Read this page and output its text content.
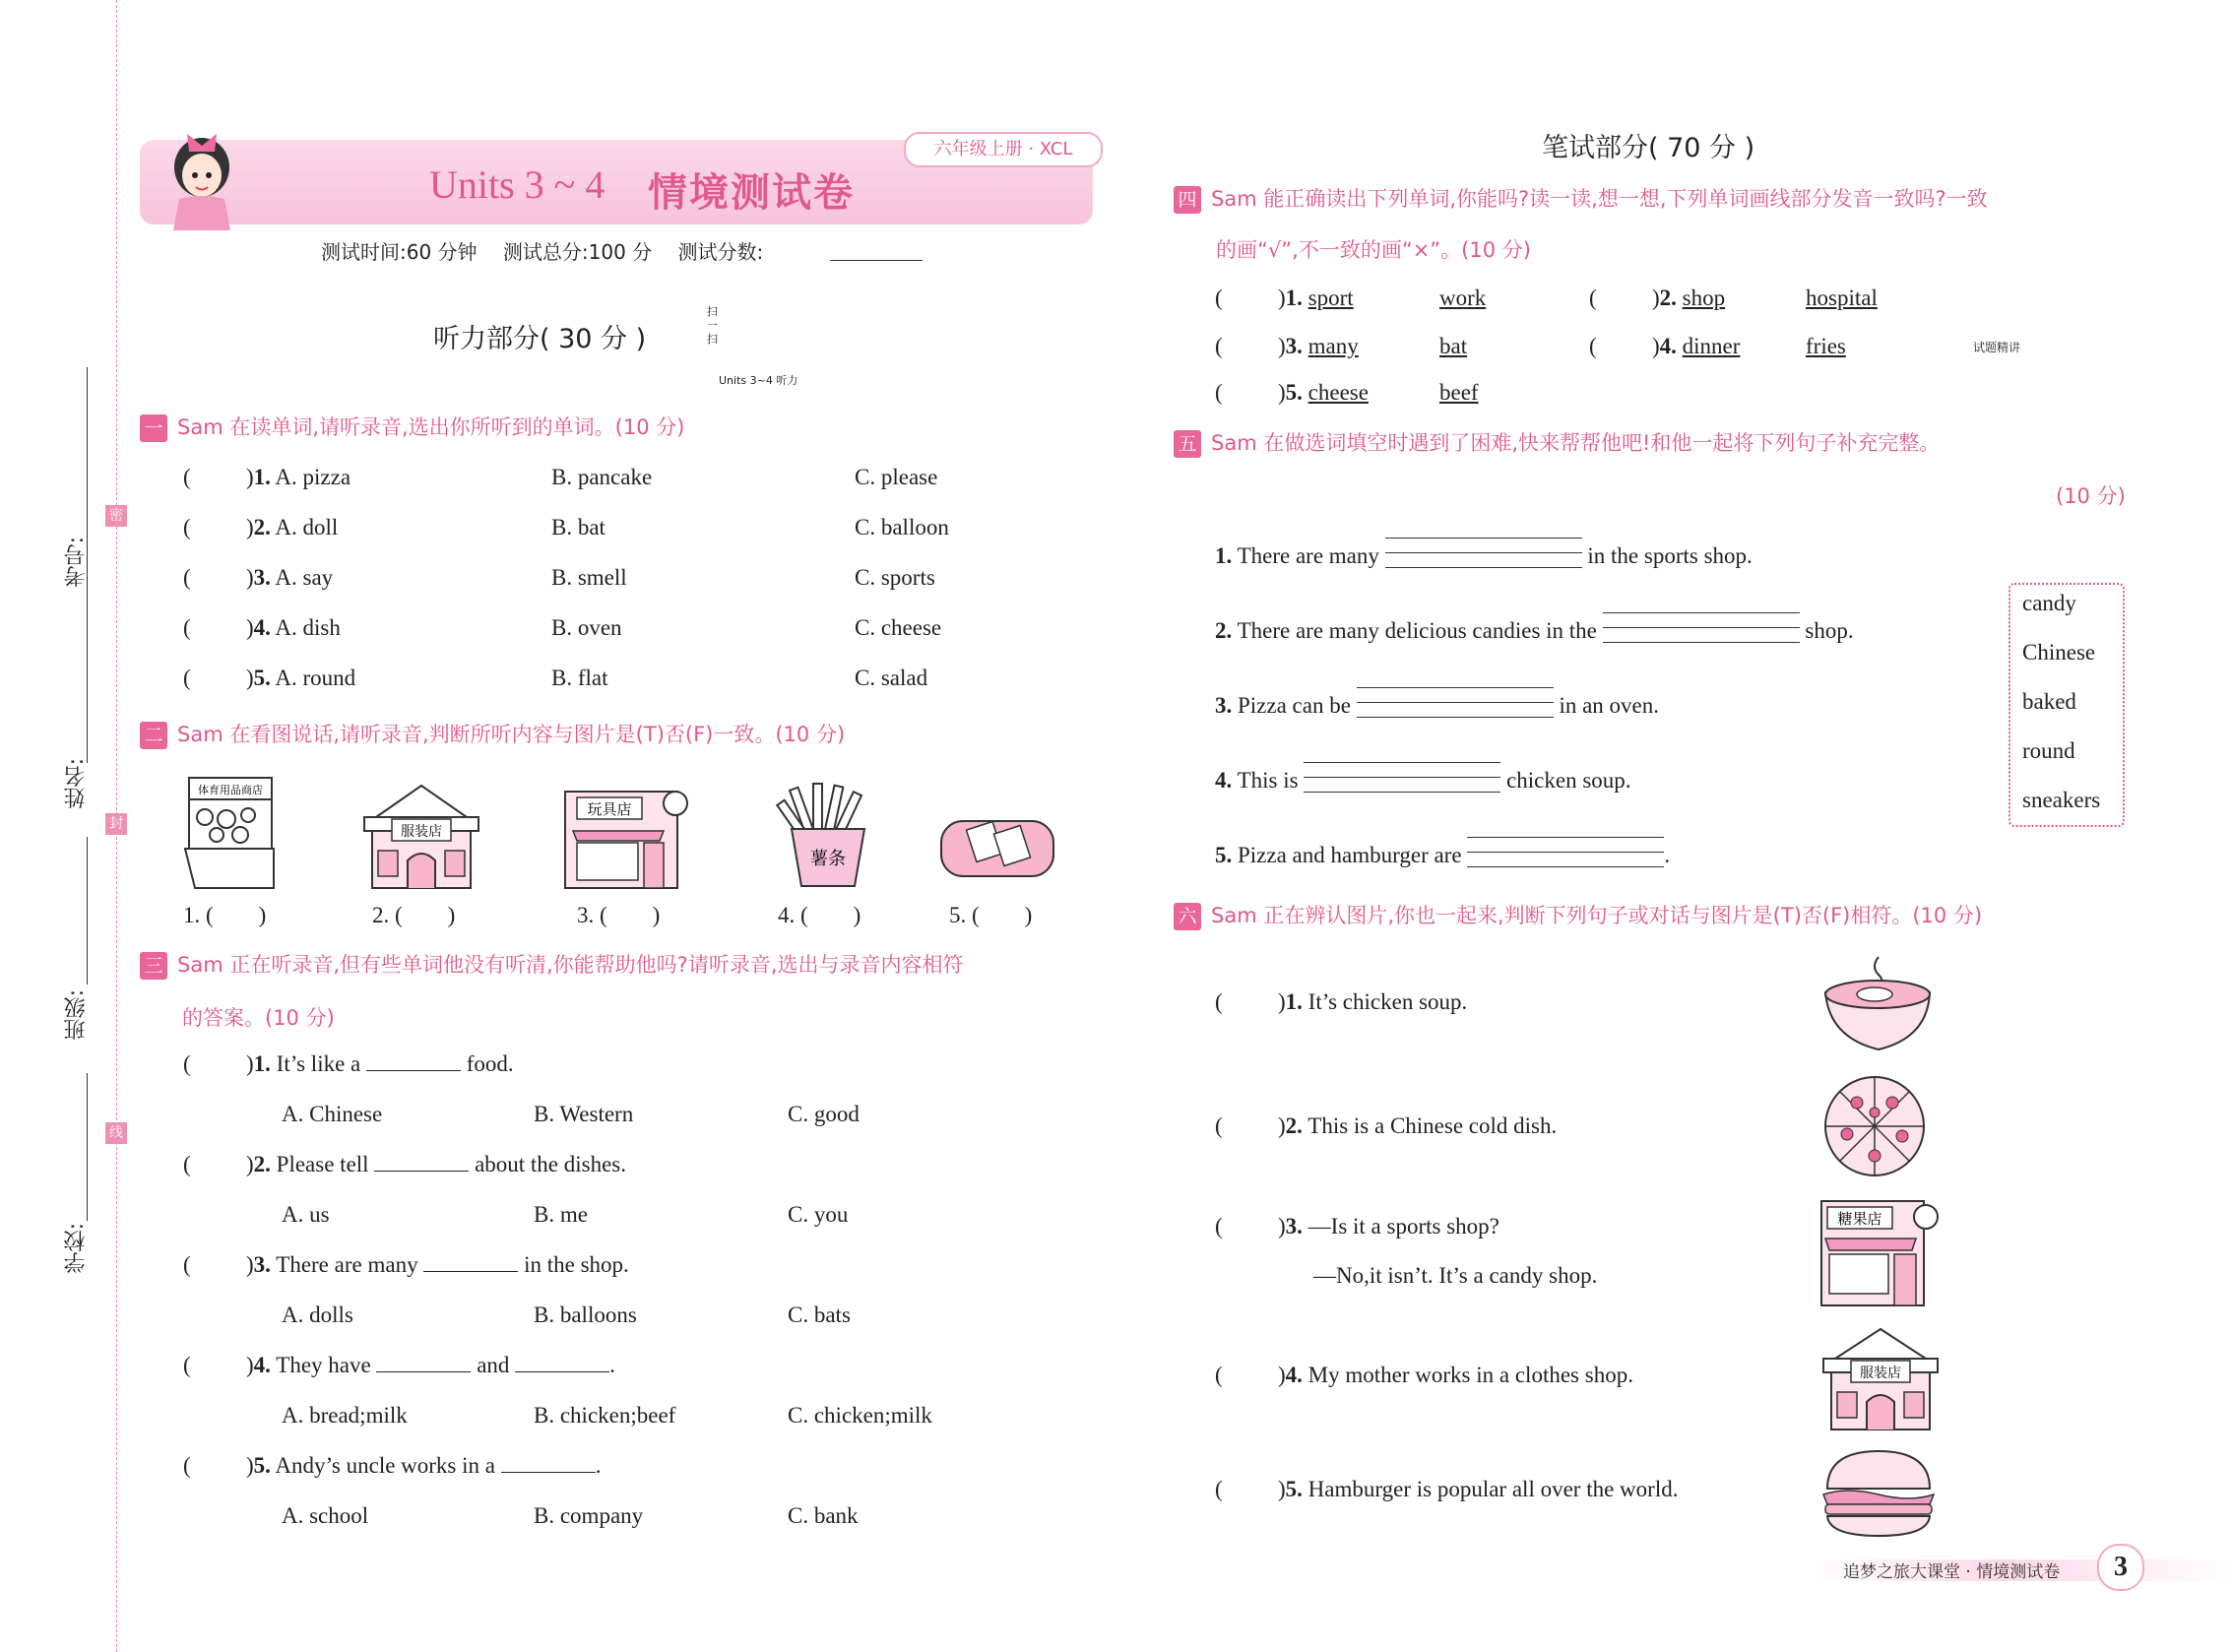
考号:
姓名:
班级:
学校:
密
封
线
Units 3 ~ 4 情境测试卷
六年级上册 · XCL
测试时间:60 分钟　 测试总分:100 分　 测试分数:
听力部分( 30 分 )
扫一扫
Units 3~4 听力
一 Sam 在读单词,请听录音,选出你所听到的单词。(10 分)
( )1. A. pizza	B. pancake	C. please
( )2. A. doll	B. bat	C. balloon
( )3. A. say	B. smell	C. sports
( )4. A. dish	B. oven	C. cheese
( )5. A. round	B. flat	C. salad
二 Sam 在看图说话,请听录音,判断所听内容与图片是(T)否(F)一致。(10 分)
体育用品商店
服装店
玩具店
薯条
1. (　　)	2. (　　)	3. (　　)	4. (　　)	5. (　　)
三 Sam 正在听录音,但有些单词他没有听清,你能帮助他吗?请听录音,选出与录音内容相符
的答案。(10 分)
( )1. It’s like a	food.
A. Chinese	B. Western	C. good
( )2. Please tell	about the dishes.
A. us	B. me	C. you
( )3. There are many	in the shop.
A. dolls	B. balloons	C. bats
( )4. They have	and	.
A. bread;milk	B. chicken;beef	C. chicken;milk
( )5. Andy’s uncle works in a	.
A. school	B. company	C. bank
笔试部分( 70 分 )
四 Sam 能正确读出下列单词,你能吗?读一读,想一想,下列单词画线部分发音一致吗?一致
的画“√”,不一致的画“×”。(10 分)
( )1. sport	work	( )2. shop	hospital
( )3. many	bat	( )4. dinner	fries
( )5. cheese	beef
试题精讲
五 Sam 在做选词填空时遇到了困难,快来帮帮他吧!和他一起将下列句子补充完整。
(10 分)
1. There are many	in the sports shop.
2. There are many delicious candies in the	shop.
3. Pizza can be	in an oven.
4. This is	chicken soup.
5. Pizza and hamburger are	.
candy
Chinese
baked
round
sneakers
六 Sam 正在辨认图片,你也一起来,判断下列句子或对话与图片是(T)否(F)相符。(10 分)
( )1. It’s chicken soup.
( )2. This is a Chinese cold dish.
( )3. —Is it a sports shop?
—No,it isn’t. It’s a candy shop.
( )4. My mother works in a clothes shop.
( )5. Hamburger is popular all over the world.
糖果店
服装店
追梦之旅大课堂 · 情境测试卷	3
